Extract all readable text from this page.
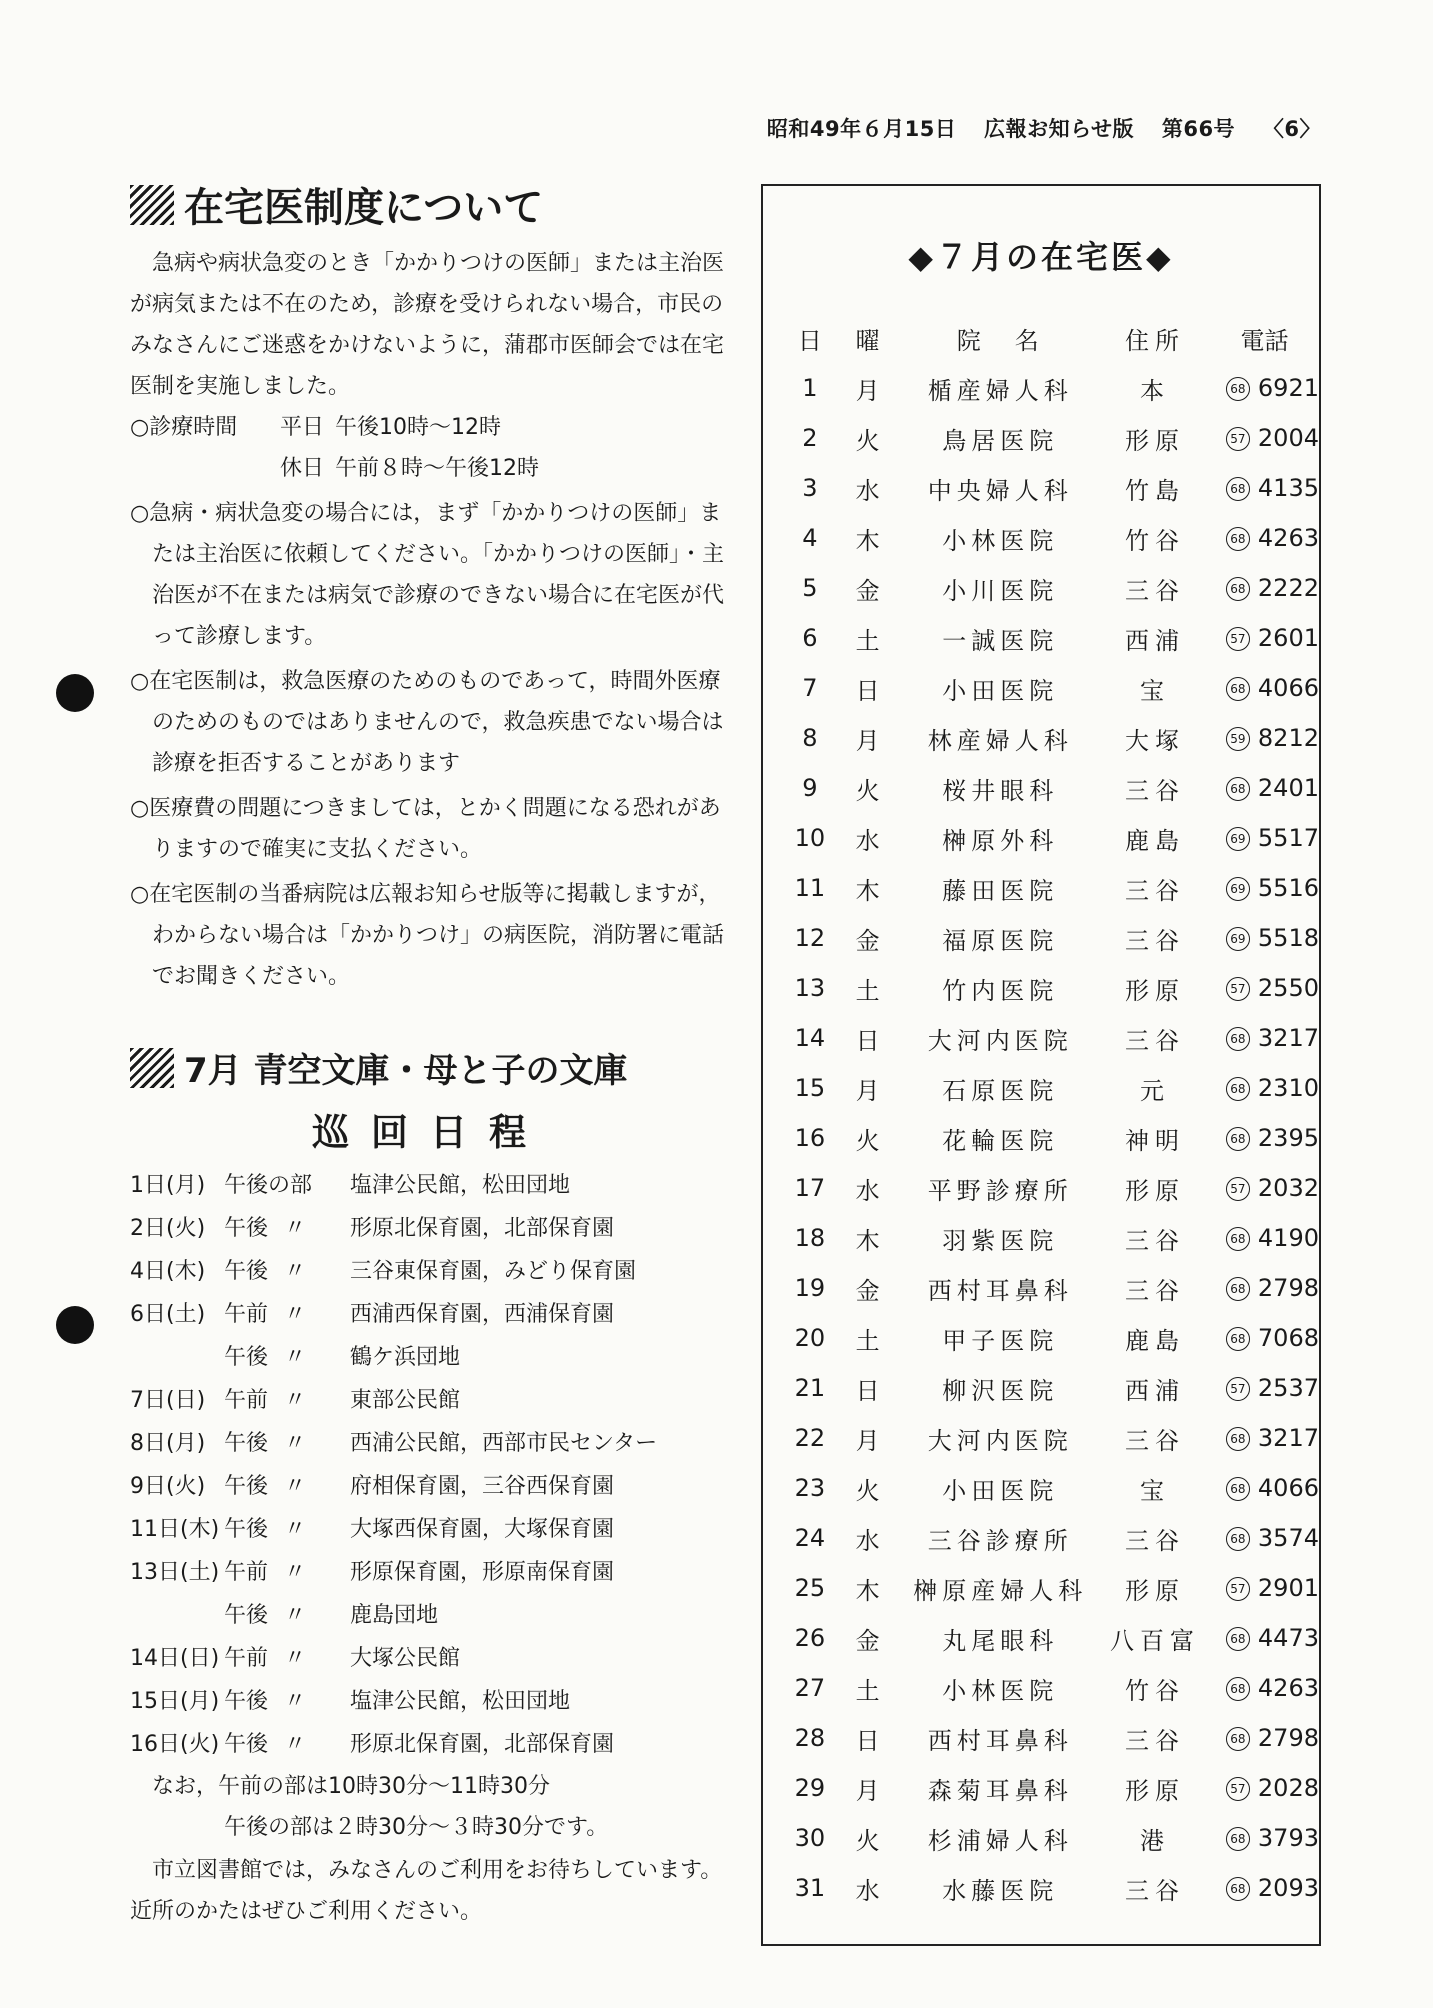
昭和49年６月15日 広報お知らせ版 第66号 〈6〉
在宅医制度について

急病や病状急変のとき「かかりつけの医師」または主治医が病気または不在のため，診療を受けられない場合，市民のみなさんにご迷惑をかけないように，蒲郡市医師会では在宅医制を実施しました。

○診療時間 平日 午後10時～12時
休日 午前８時～午後12時

○急病・病状急変の場合には，まず「かかりつけの医師」または主治医に依頼してください。「かかりつけの医師」・主治医が不在または病気で診療のできない場合に在宅医が代って診療します。

○在宅医制は，救急医療のためのものであって，時間外医療のためのものではありませんので，救急疾患でない場合は診療を拒否することがあります

○医療費の問題につきましては，とかく問題になる恐れがありますので確実に支払ください。

○在宅医制の当番病院は広報お知らせ版等に掲載しますが，わからない場合は「かかりつけ」の病医院，消防署に電話でお聞きください。

7月 青空文庫・母と子の文庫
巡回日程
1日(月) 午後の部 塩津公民館，松田団地
2日(火) 午後 〃 形原北保育園，北部保育園
4日(木) 午後 〃 三谷東保育園，みどり保育園
6日(土) 午前 〃 西浦西保育園，西浦保育園
午後 〃 鶴ケ浜団地
7日(日) 午前 〃 東部公民館
8日(月) 午後 〃 西浦公民館，西部市民センター
9日(火) 午後 〃 府相保育園，三谷西保育園
11日(木) 午後 〃 大塚西保育園，大塚保育園
13日(土) 午前 〃 形原保育園，形原南保育園
午後 〃 鹿島団地
14日(日) 午前 〃 大塚公民館
15日(月) 午後 〃 塩津公民館，松田団地
16日(火) 午後 〃 形原北保育園，北部保育園
なお，午前の部は10時30分～11時30分
午後の部は２時30分～３時30分です。

市立図書館では，みなさんのご利用をお待ちしています。近所のかたはぜひご利用ください。

◆７月の在宅医◆
日	曜	院　名	住所	電話
1	月	楯産婦人科	本	68 6921
2	火	鳥居医院	形原	57 2004
3	水	中央婦人科	竹島	68 4135
4	木	小林医院	竹谷	68 4263
5	金	小川医院	三谷	68 2222
6	土	一誠医院	西浦	57 2601
7	日	小田医院	宝	68 4066
8	月	林産婦人科	大塚	59 8212
9	火	桜井眼科	三谷	68 2401
10	水	榊原外科	鹿島	69 5517
11	木	藤田医院	三谷	69 5516
12	金	福原医院	三谷	69 5518
13	土	竹内医院	形原	57 2550
14	日	大河内医院	三谷	68 3217
15	月	石原医院	元	68 2310
16	火	花輪医院	神明	68 2395
17	水	平野診療所	形原	57 2032
18	木	羽紫医院	三谷	68 4190
19	金	西村耳鼻科	三谷	68 2798
20	土	甲子医院	鹿島	68 7068
21	日	柳沢医院	西浦	57 2537
22	月	大河内医院	三谷	68 3217
23	火	小田医院	宝	68 4066
24	水	三谷診療所	三谷	68 3574
25	木	榊原産婦人科	形原	57 2901
26	金	丸尾眼科	八百富	68 4473
27	土	小林医院	竹谷	68 4263
28	日	西村耳鼻科	三谷	68 2798
29	月	森菊耳鼻科	形原	57 2028
30	火	杉浦婦人科	港	68 3793
31	水	水藤医院	三谷	68 2093
